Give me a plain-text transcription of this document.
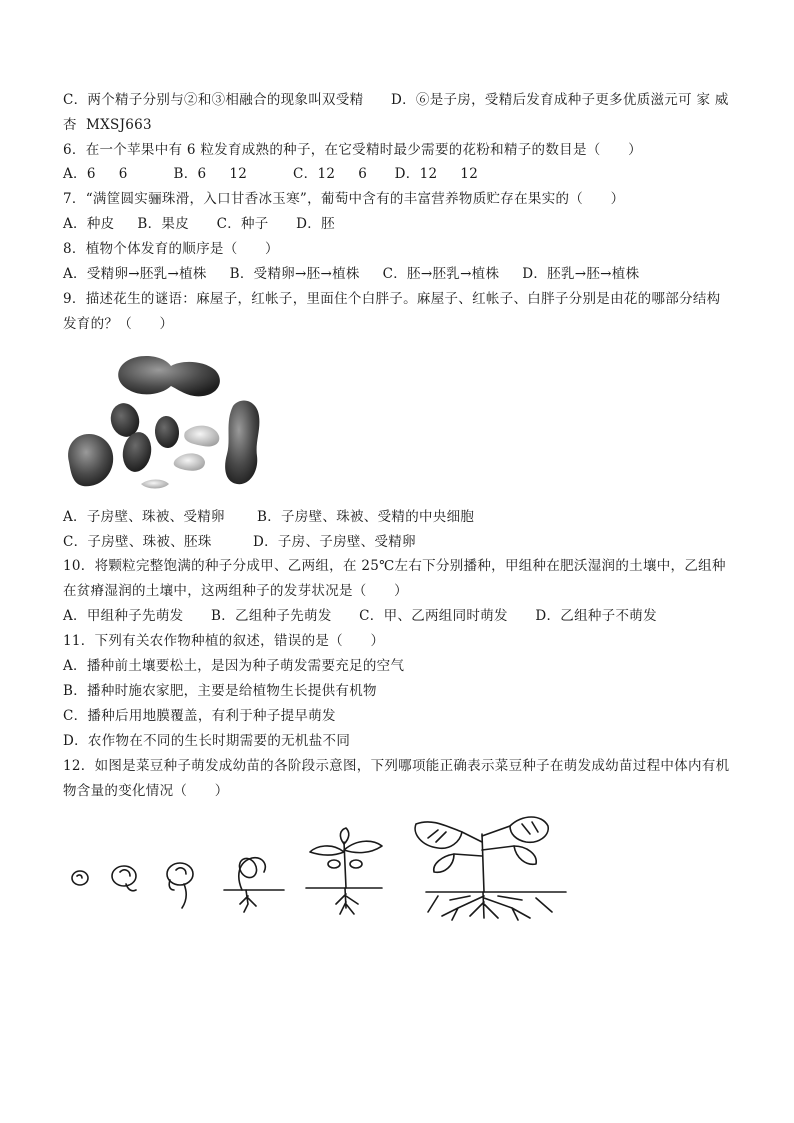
C．两个精子分别与②和③相融合的现象叫双受精      D．⑥是子房，受精后发育成种子更多优质滋元可 家 威
杏  MXSJ663
6．在一个苹果中有 6 粒发育成熟的种子，在它受精时最少需要的花粉和精子的数目是（      ）
A．6     6          B．6     12          C．12     6      D．12     12
7．“满筐圆实骊珠滑，入口甘香冰玉寒”，葡萄中含有的丰富营养物质贮存在果实的（      ）
A．种皮     B．果皮      C．种子      D．胚
8．植物个体发育的顺序是（      ）
A．受精卵→胚乳→植株     B．受精卵→胚→植株     C．胚→胚乳→植株     D．胚乳→胚→植株
9．描述花生的谜语：麻屋子，红帐子，里面住个白胖子。麻屋子、红帐子、白胖子分别是由花的哪部分结构
发育的？（      ）
A．子房壁、珠被、受精卵       B．子房壁、珠被、受精的中央细胞
C．子房壁、珠被、胚珠         D．子房、子房壁、受精卵
10．将颗粒完整饱满的种子分成甲、乙两组，在 25℃左右下分别播种，甲组种在肥沃湿润的土壤中，乙组种
在贫瘠湿润的土壤中，这两组种子的发芽状况是（      ）
A．甲组种子先萌发      B．乙组种子先萌发      C．甲、乙两组同时萌发      D．乙组种子不萌发
11．下列有关农作物种植的叙述，错误的是（      ）
A．播种前土壤要松土，是因为种子萌发需要充足的空气
B．播种时施农家肥，主要是给植物生长提供有机物
C．播种后用地膜覆盖，有利于种子提早萌发
D．农作物在不同的生长时期需要的无机盐不同
12．如图是菜豆种子萌发成幼苗的各阶段示意图，下列哪项能正确表示菜豆种子在萌发成幼苗过程中体内有机
物含量的变化情况（      ）
